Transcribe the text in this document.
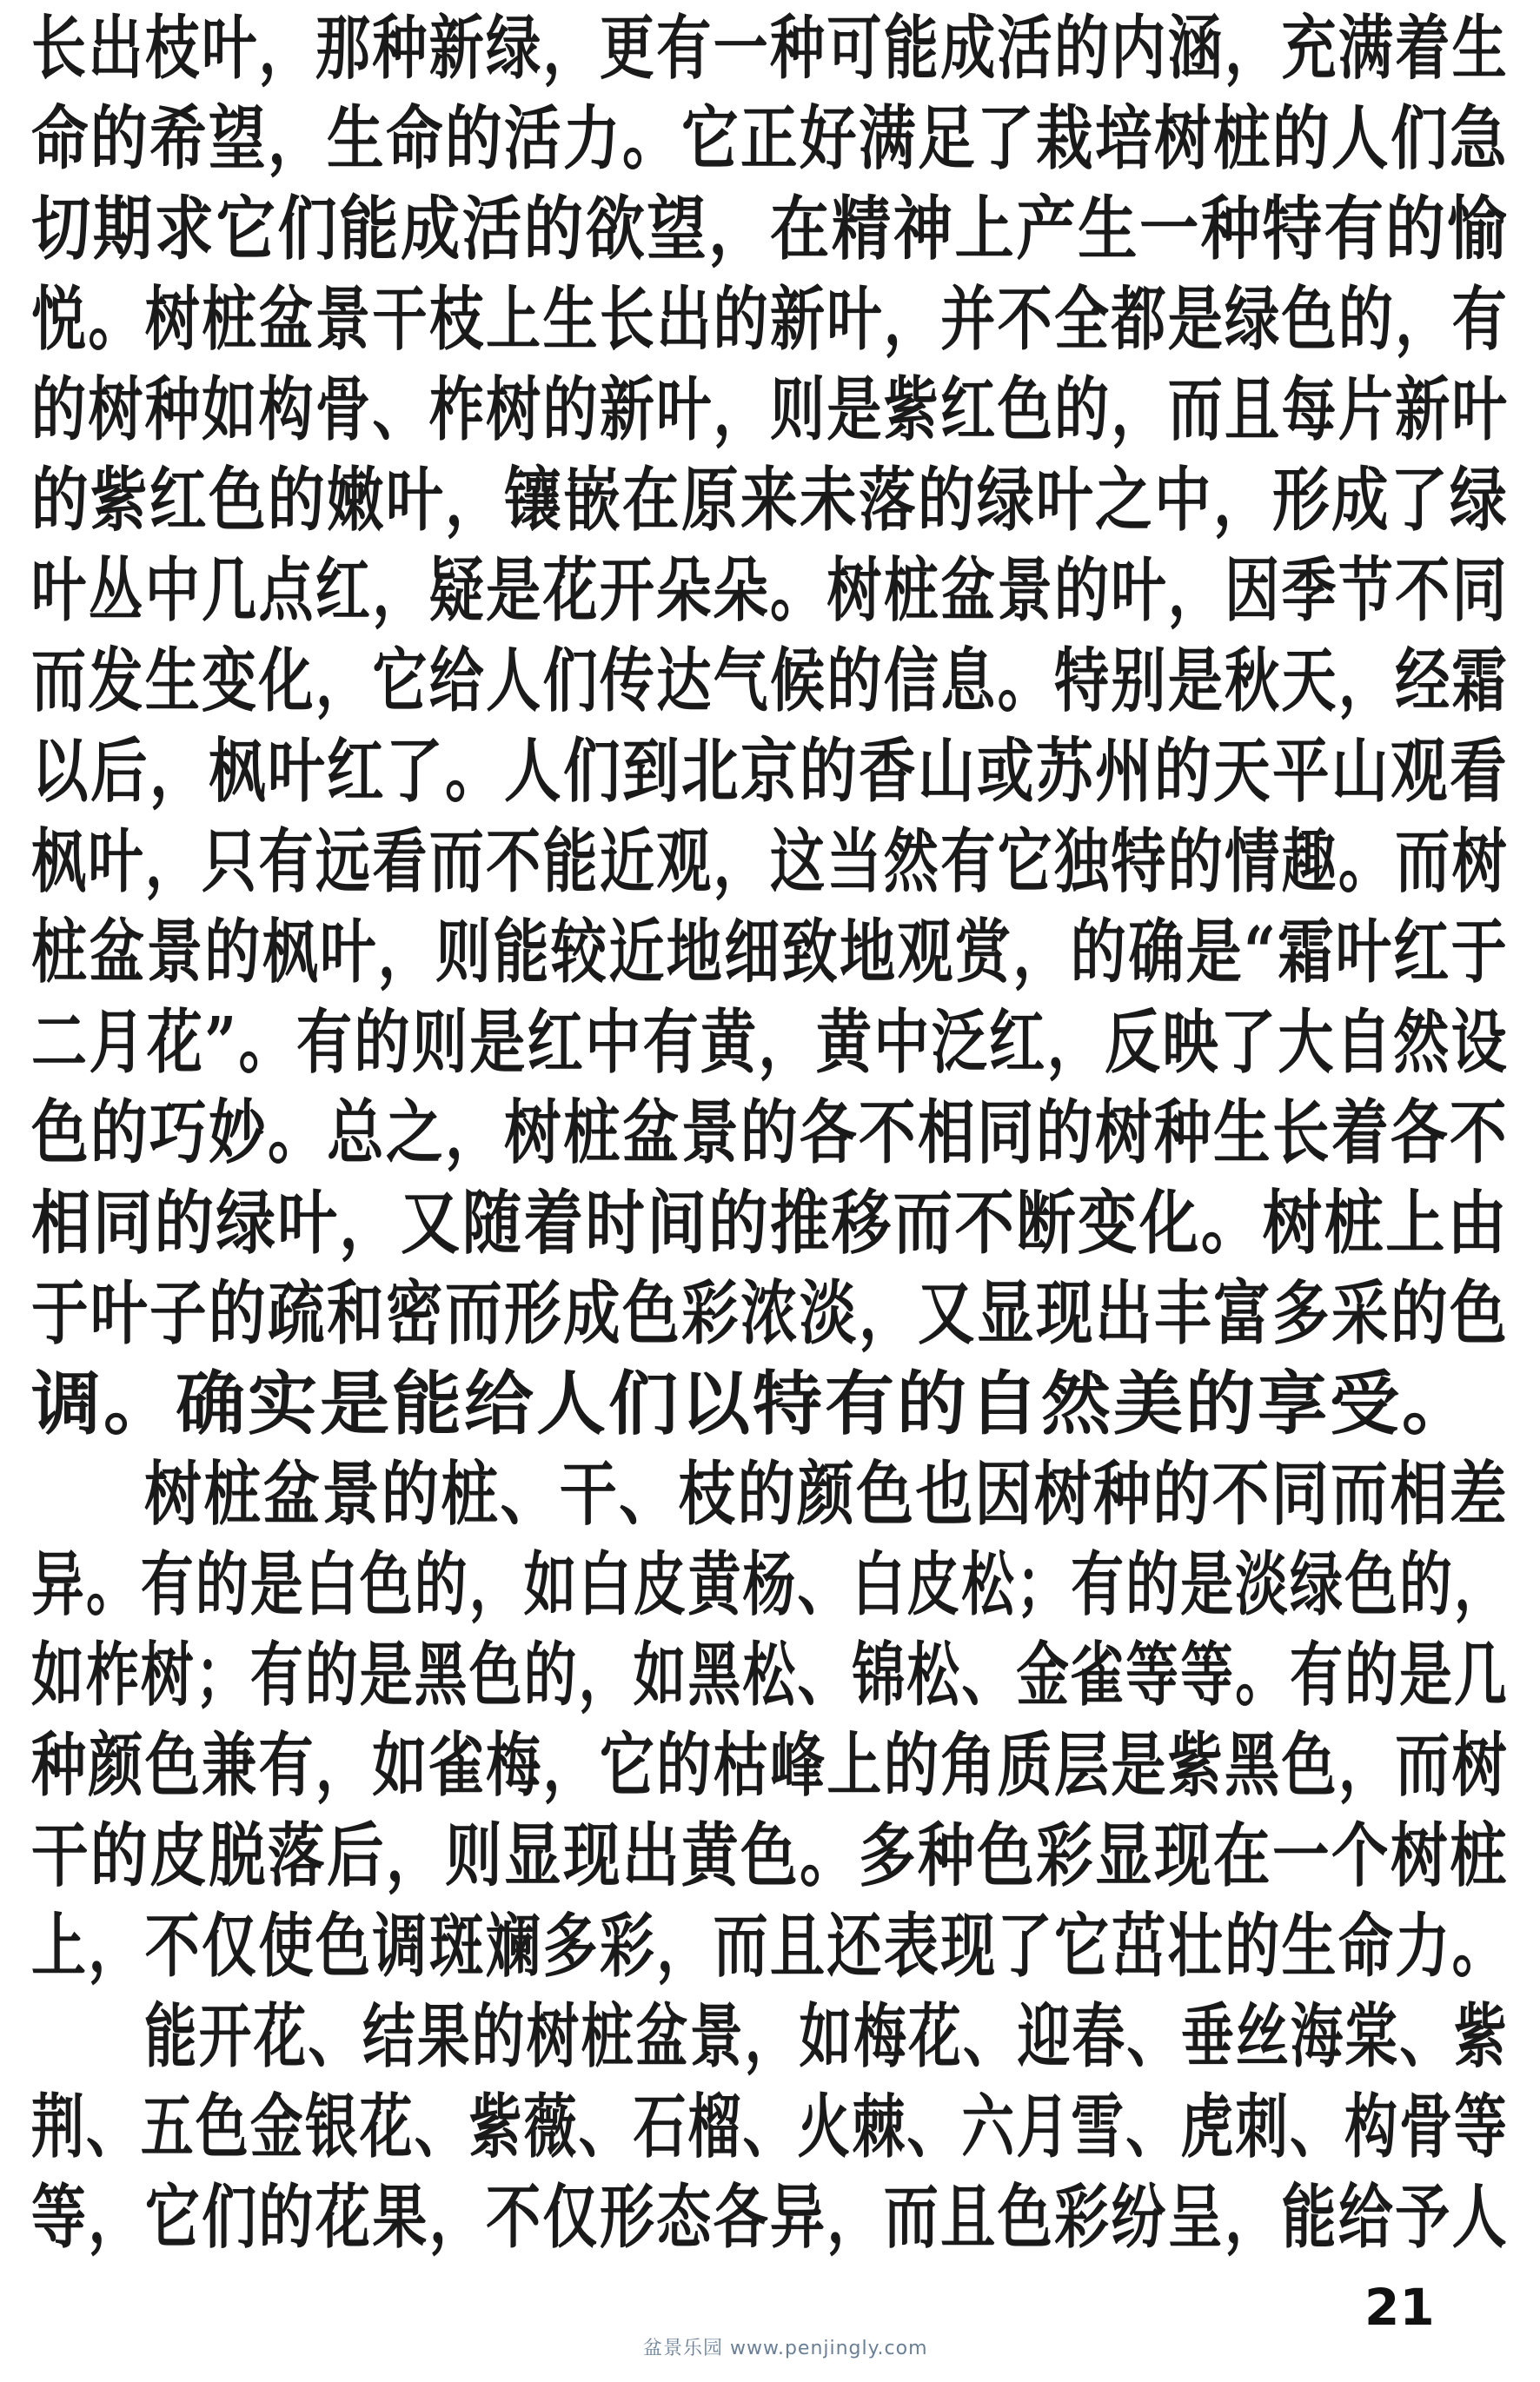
长出枝叶，那种新绿，更有一种可能成活的内涵，充满着生
命的希望，生命的活力。它正好满足了栽培树桩的人们急
切期求它们能成活的欲望，在精神上产生一种特有的愉
悦。树桩盆景干枝上生长出的新叶，并不全都是绿色的，有
的树种如构骨、柞树的新叶，则是紫红色的，而且每片新叶
的紫红色的嫩叶，镶嵌在原来未落的绿叶之中，形成了绿
叶丛中几点红，疑是花开朵朵。树桩盆景的叶，因季节不同
而发生变化，它给人们传达气候的信息。特别是秋天，经霜
以后，枫叶红了。人们到北京的香山或苏州的天平山观看
枫叶，只有远看而不能近观，这当然有它独特的情趣。而树
桩盆景的枫叶，则能较近地细致地观赏，的确是“霜叶红于
二月花”。有的则是红中有黄，黄中泛红，反映了大自然设
色的巧妙。总之，树桩盆景的各不相同的树种生长着各不
相同的绿叶，又随着时间的推移而不断变化。树桩上由
于叶子的疏和密而形成色彩浓淡，又显现出丰富多采的色
调。确实是能给人们以特有的自然美的享受。
树桩盆景的桩、干、枝的颜色也因树种的不同而相差
异。有的是白色的，如白皮黄杨、白皮松；有的是淡绿色的，
如柞树；有的是黑色的，如黑松、锦松、金雀等等。有的是几
种颜色兼有，如雀梅，它的枯峰上的角质层是紫黑色，而树
干的皮脱落后，则显现出黄色。多种色彩显现在一个树桩
上，不仅使色调斑斓多彩，而且还表现了它茁壮的生命力。
能开花、结果的树桩盆景，如梅花、迎春、垂丝海棠、紫
荆、五色金银花、紫薇、石榴、火棘、六月雪、虎刺、构骨等
等，它们的花果，不仅形态各异，而且色彩纷呈，能给予人
21
盆景乐园 www.penjingly.com
